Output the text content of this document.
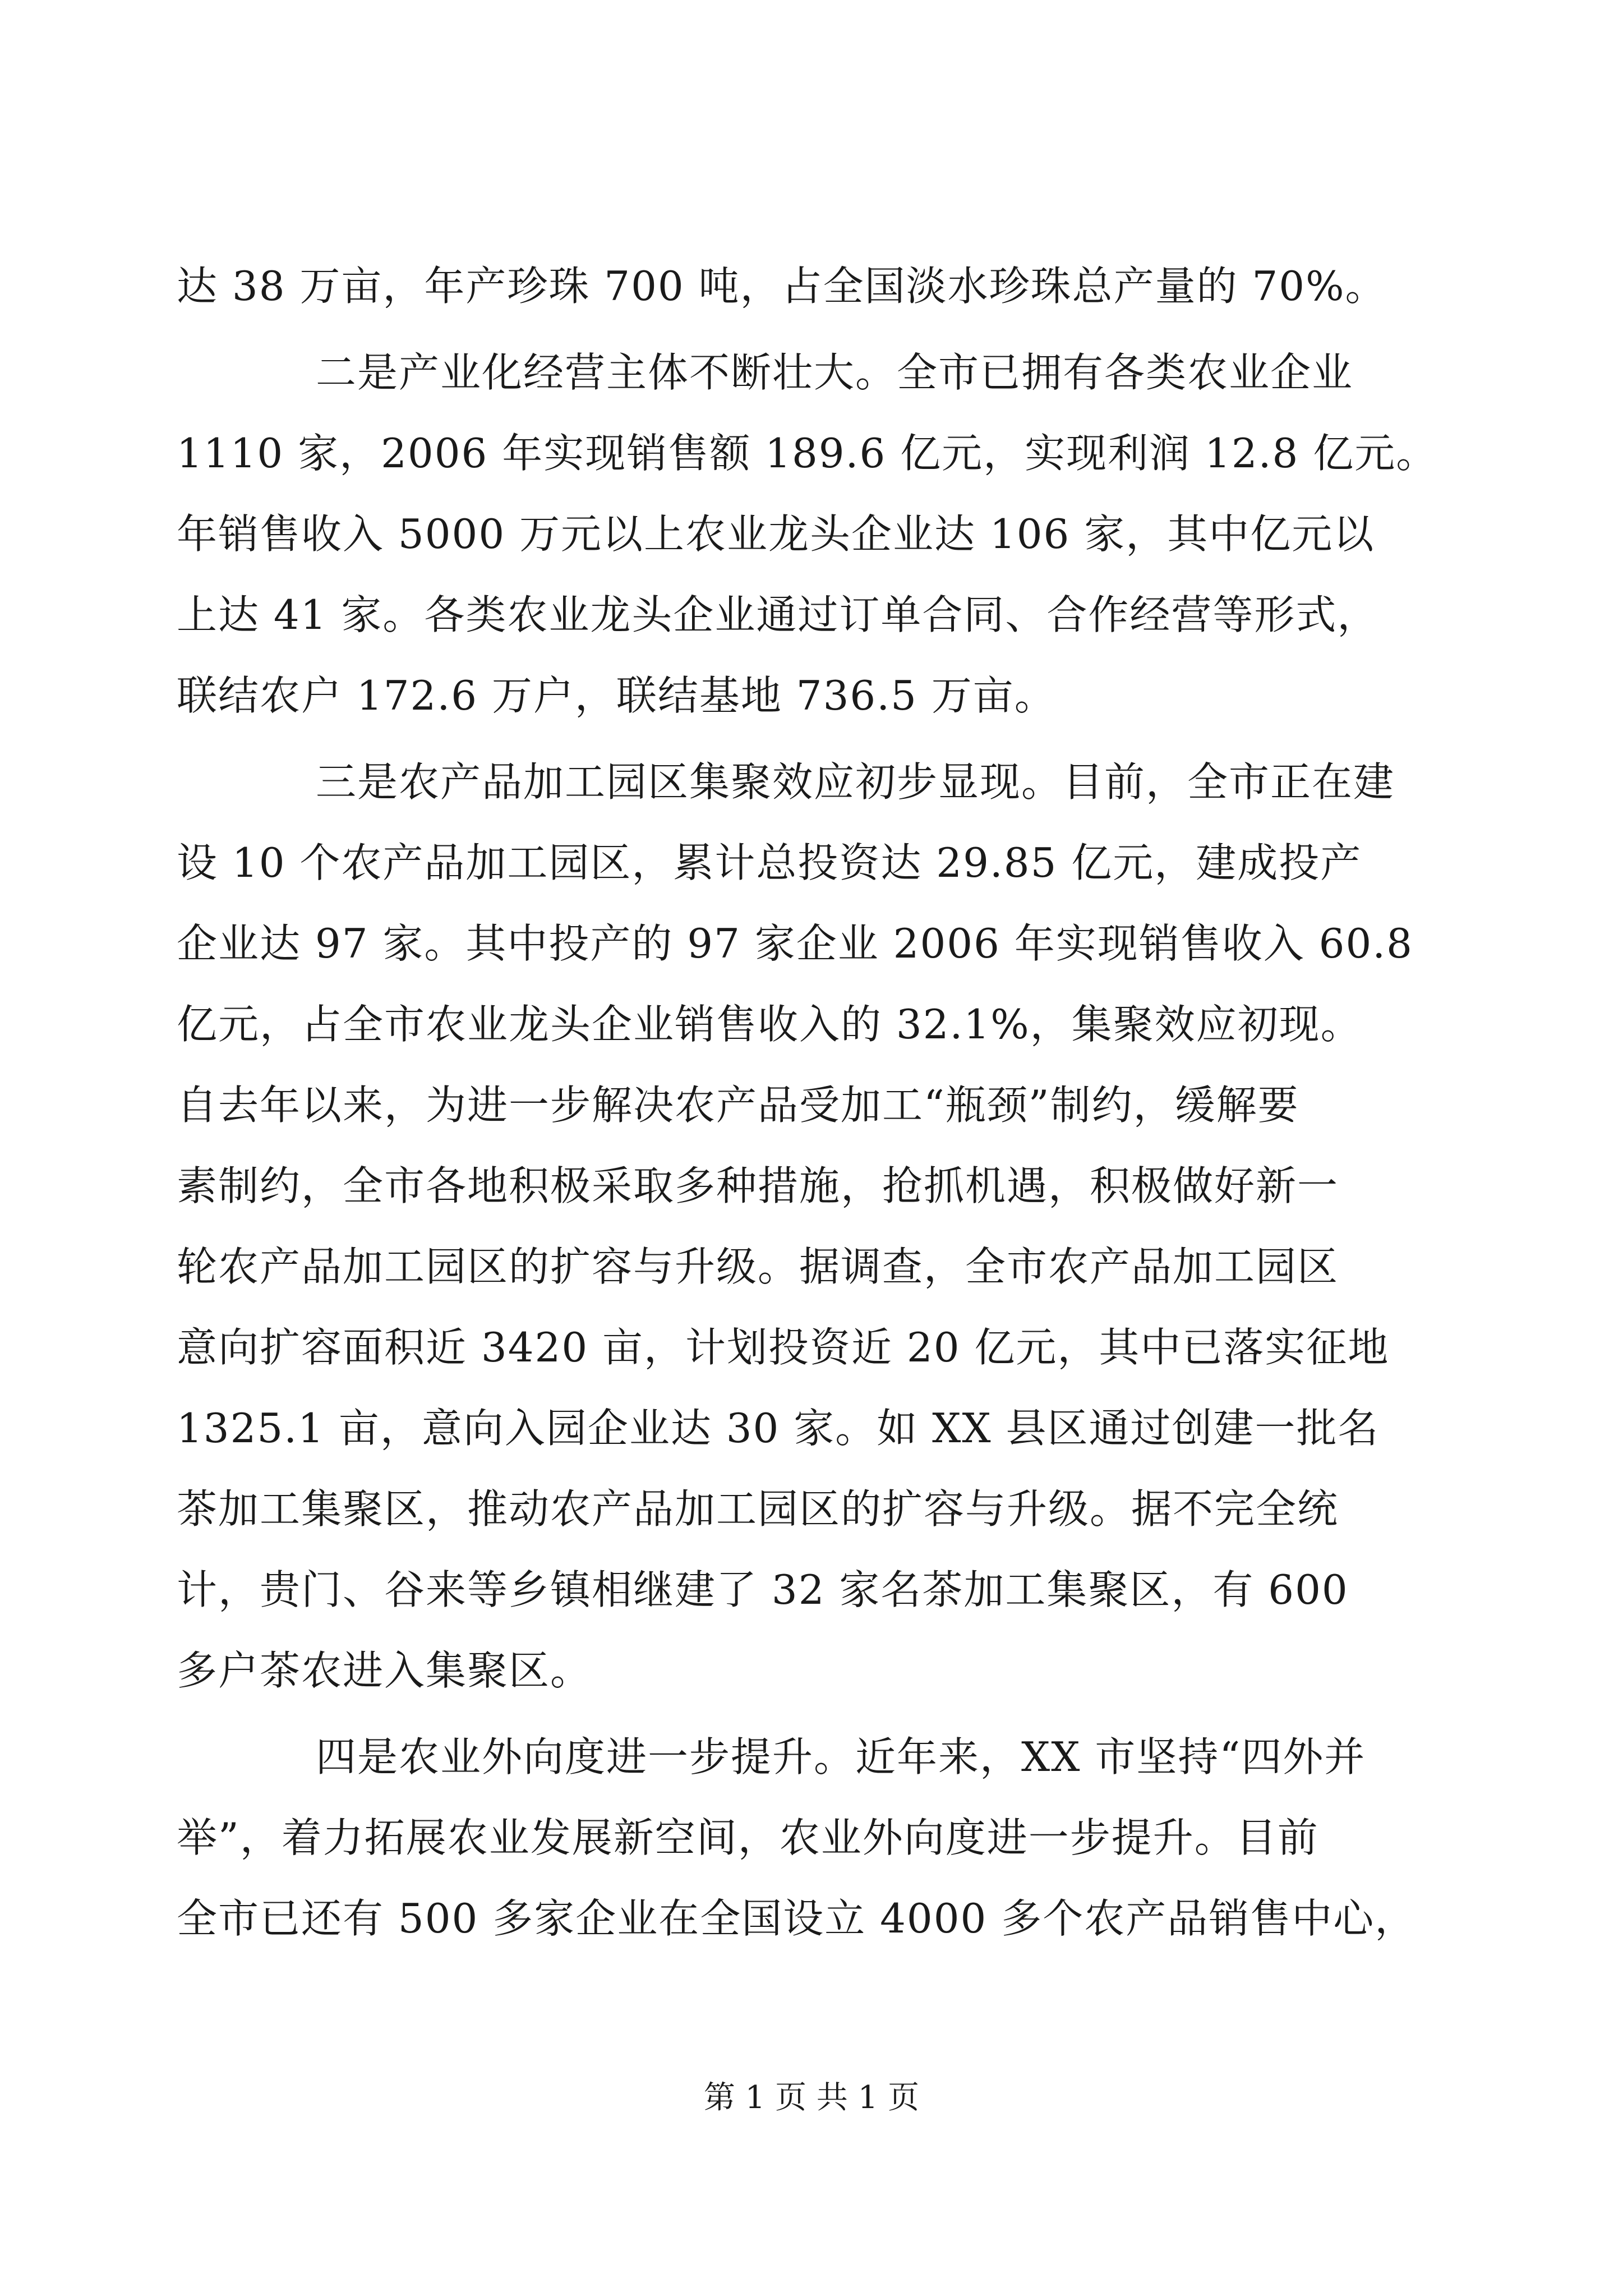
达 38 万亩，年产珍珠 700 吨，占全国淡水珍珠总产量的 70%。
二是产业化经营主体不断壮大。全市已拥有各类农业企业
1110 家，2006 年实现销售额 189.6 亿元，实现利润 12.8 亿元。
年销售收入 5000 万元以上农业龙头企业达 106 家，其中亿元以
上达 41 家。各类农业龙头企业通过订单合同、合作经营等形式，
联结农户 172.6 万户，联结基地 736.5 万亩。
三是农产品加工园区集聚效应初步显现。目前，全市正在建
设 10 个农产品加工园区，累计总投资达 29.85 亿元，建成投产
企业达 97 家。其中投产的 97 家企业 2006 年实现销售收入 60.8
亿元，占全市农业龙头企业销售收入的 32.1%，集聚效应初现。
自去年以来，为进一步解决农产品受加工“瓶颈”制约，缓解要
素制约，全市各地积极采取多种措施，抢抓机遇，积极做好新一
轮农产品加工园区的扩容与升级。据调查，全市农产品加工园区
意向扩容面积近 3420 亩，计划投资近 20 亿元，其中已落实征地
1325.1 亩，意向入园企业达 30 家。如 XX 县区通过创建一批名
茶加工集聚区，推动农产品加工园区的扩容与升级。据不完全统
计，贵门、谷来等乡镇相继建了 32 家名茶加工集聚区，有 600
多户茶农进入集聚区。
四是农业外向度进一步提升。近年来，XX 市坚持“四外并
举”，着力拓展农业发展新空间，农业外向度进一步提升。目前
全市已还有 500 多家企业在全国设立 4000 多个农产品销售中心，
第 1 页 共 1 页
